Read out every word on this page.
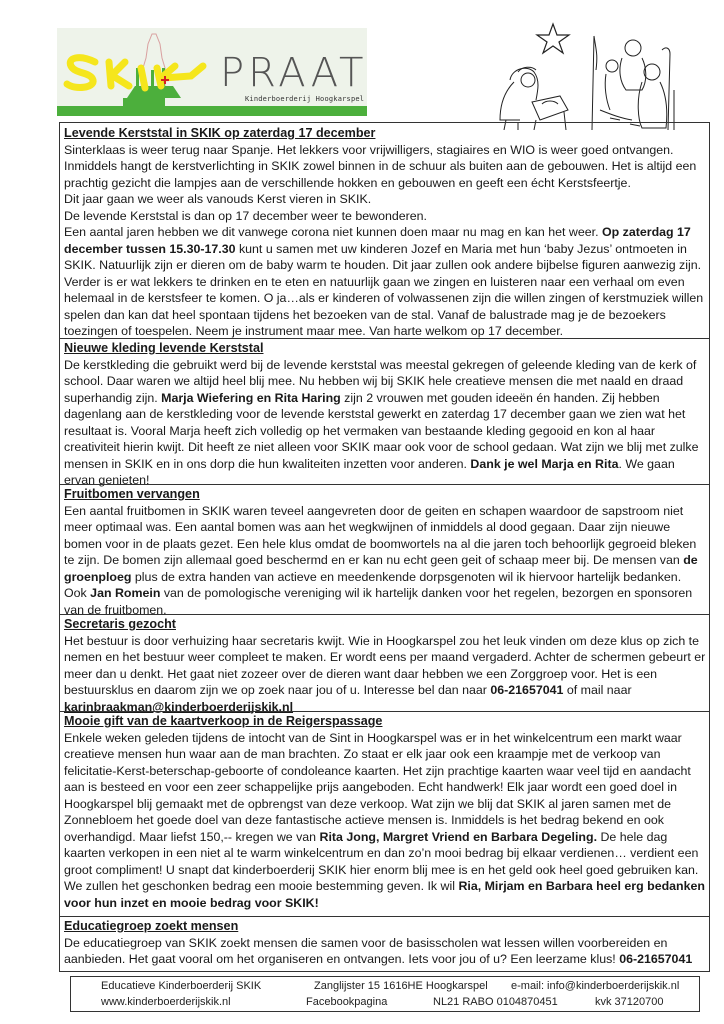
PRAAT
Kinderboerderij Hoogkarspel
Levende Kerststal in SKIK op zaterdag 17 december

Sinterklaas is weer terug naar Spanje. Het lekkers voor vrijwilligers, stagiaires en WIO is weer goed ontvangen. Inmiddels hangt de kerstverlichting in SKIK zowel binnen in de schuur als buiten aan de gebouwen. Het is altijd een prachtig gezicht die lampjes aan de verschillende hokken en gebouwen en geeft een écht Kerstsfeertje.

Dit jaar gaan we weer als vanouds Kerst vieren in SKIK.

De levende Kerststal is dan op 17 december weer te bewonderen.

Een aantal jaren hebben we dit vanwege corona niet kunnen doen maar nu mag en kan het weer. Op zaterdag 17 december tussen 15.30-17.30 kunt u samen met uw kinderen Jozef en Maria met hun ‘baby Jezus’ ontmoeten in SKIK. Natuurlijk zijn er dieren om de baby warm te houden. Dit jaar zullen ook andere bijbelse figuren aanwezig zijn. Verder is er wat lekkers te drinken en te eten en natuurlijk gaan we zingen en luisteren naar een verhaal om even helemaal in de kerstsfeer te komen. O ja…als er kinderen of volwassenen zijn die willen zingen of kerstmuziek willen spelen dan kan dat heel spontaan tijdens het bezoeken van de stal. Vanaf de balustrade mag je de bezoekers toezingen of toespelen. Neem je instrument maar mee. Van harte welkom op 17 december.

Nieuwe kleding levende Kerststal

De kerstkleding die gebruikt werd bij de levende kerststal was meestal gekregen of geleende kleding van de kerk of school. Daar waren we altijd heel blij mee. Nu hebben wij bij SKIK hele creatieve mensen die met naald en draad superhandig zijn. Marja Wiefering en Rita Haring zijn 2 vrouwen met gouden ideeën én handen. Zij hebben dagenlang aan de kerstkleding voor de levende kerststal gewerkt en zaterdag 17 december gaan we zien wat het resultaat is. Vooral Marja heeft zich volledig op het vermaken van bestaande kleding gegooid en kon al haar creativiteit hierin kwijt. Dit heeft ze niet alleen voor SKIK maar ook voor de school gedaan. Wat zijn we blij met zulke mensen in SKIK en in ons dorp die hun kwaliteiten inzetten voor anderen. Dank je wel Marja en Rita. We gaan ervan genieten!

Fruitbomen vervangen

Een aantal fruitbomen in SKIK waren teveel aangevreten door de geiten en schapen waardoor de sapstroom niet meer optimaal was. Een aantal bomen was aan het wegkwijnen of inmiddels al dood gegaan. Daar zijn nieuwe bomen voor in de plaats gezet. Een hele klus omdat de boomwortels na al die jaren toch behoorlijk gegroeid bleken te zijn. De bomen zijn allemaal goed beschermd en er kan nu echt geen geit of schaap meer bij. De mensen van de groenploeg plus de extra handen van actieve en meedenkende dorpsgenoten wil ik hiervoor hartelijk bedanken. Ook Jan Romein van de pomologische vereniging wil ik hartelijk danken voor het regelen, bezorgen en sponsoren van de fruitbomen.

Secretaris gezocht

Het bestuur is door verhuizing haar secretaris kwijt. Wie in Hoogkarspel zou het leuk vinden om deze klus op zich te nemen en het bestuur weer compleet te maken. Er wordt eens per maand vergaderd. Achter de schermen gebeurt er meer dan u denkt. Het gaat niet zozeer over de dieren want daar hebben we een Zorggroep voor. Het is een bestuursklus en daarom zijn we op zoek naar jou of u. Interesse bel dan naar 06-21657041 of mail naar karinbraakman@kinderboerderijskik.nl

Mooie gift van de kaartverkoop in de Reigerspassage

Enkele weken geleden tijdens de intocht van de Sint in Hoogkarspel was er in het winkelcentrum een markt waar creatieve mensen hun waar aan de man brachten. Zo staat er elk jaar ook een kraampje met de verkoop van felicitatie-Kerst-beterschap-geboorte of condoleance kaarten. Het zijn prachtige kaarten waar veel tijd en aandacht aan is besteed en voor een zeer schappelijke prijs aangeboden. Echt handwerk! Elk jaar wordt een goed doel in Hoogkarspel blij gemaakt met de opbrengst van deze verkoop. Wat zijn we blij dat SKIK al jaren samen met de Zonnebloem het goede doel van deze fantastische actieve mensen is. Inmiddels is het bedrag bekend en ook overhandigd. Maar liefst 150,-- kregen we van Rita Jong, Margret Vriend en Barbara Degeling. De hele dag kaarten verkopen in een niet al te warm winkelcentrum en dan zo’n mooi bedrag bij elkaar verdienen… verdient een groot compliment! U snapt dat kinderboerderij SKIK hier enorm blij mee is en het geld ook heel goed gebruiken kan. We zullen het geschonken bedrag een mooie bestemming geven. Ik wil Ria, Mirjam en Barbara heel erg bedanken voor hun inzet en mooie bedrag voor SKIK!

Educatiegroep zoekt mensen

De educatiegroep van SKIK zoekt mensen die samen voor de basisscholen wat lessen willen voorbereiden en aanbieden. Het gaat vooral om het organiseren en ontvangen. Iets voor jou of u? Een leerzame klus! 06-21657041

Educatieve Kinderboerderij SKIK	Zanglijster 15 1616HE Hoogkarspel e-mail: info@kinderboerderijskik.nl
www.kinderboerderijskik.nl	Facebookpagina	NL21 RABO 0104870451	kvk 37120700
